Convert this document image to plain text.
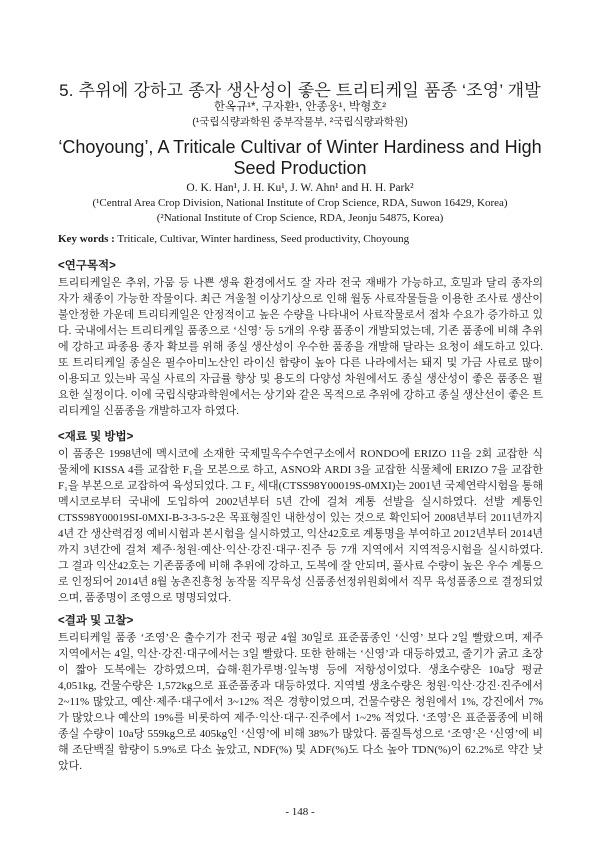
5. 추위에 강하고 종자 생산성이 좋은 트리티케일 품종 ‘조영’ 개발
한옥규¹*, 구자환¹, 안종웅¹, 박형호²
(¹국립식량과학원 중부작물부, ²국립식량과학원)
‘Choyoung’, A Triticale Cultivar of Winter Hardiness and High Seed Production
O. K. Han¹, J. H. Ku¹, J. W. Ahn¹ and H. H. Park²
(¹Central Area Crop Division, National Institute of Crop Science, RDA, Suwon 16429, Korea)
(²National Institute of Crop Science, RDA, Jeonju 54875, Korea)
Key words : Triticale, Cultivar, Winter hardiness, Seed productivity, Choyoung
<연구목적>
트리티케일은 추위, 가뭄 등 나쁜 생육 환경에서도 잘 자라 전국 재배가 가능하고, 호밀과 달리 종자의
자가 채종이 가능한 작물이다. 최근 겨울철 이상기상으로 인해 월동 사료작물들을 이용한 조사료 생산이
불안정한 가운데 트리티케일은 안정적이고 높은 수량을 나타내어 사료작물로서 점차 수요가 증가하고 있
다. 국내에서는 트리티케일 품종으로 ‘신영’ 등 5개의 우량 품종이 개발되었는데, 기존 품종에 비해 추위
에 강하고 파종용 종자 확보를 위해 종실 생산성이 우수한 품종을 개발해 달라는 요청이 쇄도하고 있다.
또 트리티케일 종실은 필수아미노산인 라이신 함량이 높아 다른 나라에서는 돼지 및 가금 사료로 많이
이용되고 있는바 곡실 사료의 자급률 향상 및 용도의 다양성 차원에서도 종실 생산성이 좋은 품종은 필
요한 실정이다. 이에 국립식량과학원에서는 상기와 같은 목적으로 추위에 강하고 종실 생산선이 좋은 트
리티케일 신품종을 개발하고자 하였다.
<재료 및 방법>
이 품종은 1998년에 멕시코에 소재한 국제밀옥수수연구소에서 RONDO에 ERIZO 11을 2회 교잡한 식
물체에 KISSA 4를 교잡한 F₁을 모본으로 하고, ASNO와 ARDI 3을 교잡한 식물체에 ERIZO 7을 교잡한
F₁을 부본으로 교잡하여 육성되었다. 그 F₂ 세대(CTSS98Y00019S-0MXI)는 2001년 국제연락시험을 통해
멕시코로부터 국내에 도입하여 2002년부터 5년 간에 걸쳐 계통 선발을 실시하였다. 선발 계통인
CTSS98Y00019SI-0MXI-B-3-3-5-2은 목표형질인 내한성이 있는 것으로 확인되어 2008년부터 2011년까지
4년 간 생산력검정 예비시험과 본시험을 실시하였고, 익산42호로 계통명을 부여하고 2012년부터 2014년
까지 3년간에 걸쳐 제주·청원·예산·익산·강진·대구·진주 등 7개 지역에서 지역적응시험을 실시하였다.
그 결과 익산42호는 기존품종에 비해 추위에 강하고, 도복에 잘 안되며, 풀사료 수량이 높은 우수 계통으
로 인정되어 2014년 8월 농촌진흥청 농작물 직무육성 신품종선정위원회에서 직무 육성품종으로 결정되었
으며, 품종명이 조영으로 명명되었다.
<결과 및 고찰>
트리티케일 품종 ‘조영’은 출수기가 전국 평균 4월 30일로 표준품종인 ‘신영’ 보다 2일 빨랐으며, 제주
지역에서는 4일, 익산·강진·대구에서는 3일 빨랐다. 또한 한해는 ‘신영’과 대등하였고, 줄기가 굵고 초장
이 짧아 도복에는 강하였으며, 습해·흰가루병·잎녹병 등에 저항성이었다. 생초수량은 10a당 평균
4,051kg, 건물수량은 1,572kg으로 표준품종과 대등하였다. 지역별 생초수량은 청원·익산·강진·진주에서
2~11% 많았고, 예산·제주·대구에서 3~12% 적은 경향이었으며, 건물수량은 청원에서 1%, 강진에서 7%
가 많았으나 예산의 19%를 비롯하여 제주·익산·대구·진주에서 1~2% 적었다. ‘조영’은 표준품종에 비해
종실 수량이 10a당 559kg으로 405kg인 ‘신영’에 비해 38%가 많았다. 품질특성으로 ‘조영’은 ‘신영’에 비
해 조단백질 함량이 5.9%로 다소 높았고, NDF(%) 및 ADF(%)도 다소 높아 TDN(%)이 62.2%로 약간 낮
았다.
- 148 -
